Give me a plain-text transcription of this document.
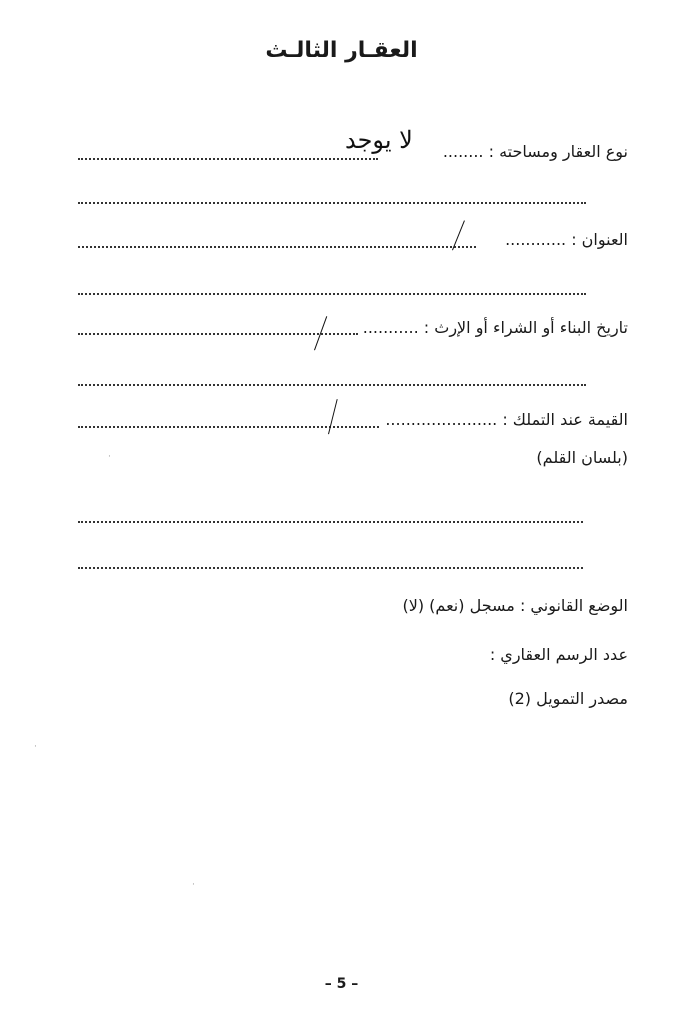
العقـار الثالـث
نوع العقار ومساحته : ........
لا يوجد
العنوان : ............
تاريخ البناء أو الشراء أو الإرث : ...........
القيمة عند التملك : ......................
(بلسان القلم)
·
الوضع القانوني : مسجل (نعم) (لا)
عدد الرسم العقاري :
مصدر التمويل (2)
·
·
– 5 –
